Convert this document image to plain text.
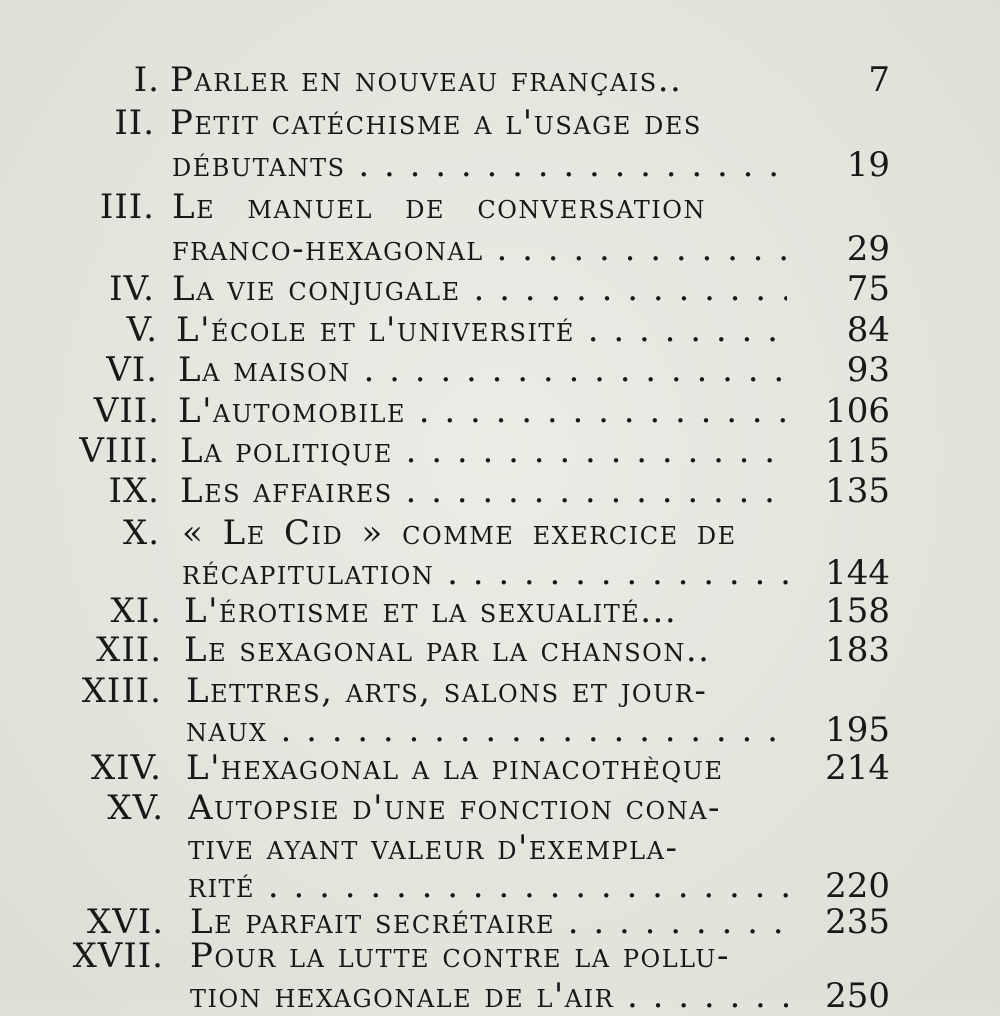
I. Parler en nouveau français..	7
II. Petit catéchisme a l'usage des
débutants . . .	19
III. Le manuel de conversation
franco-hexagonal . . .	29
IV. La vie conjugale . . .	75
V. L'école et l'université . . .	84
VI. La maison . . .	93
VII. L'automobile . . .	106
VIII. La politique . . .	115
IX. Les affaires . . .	135
X. « Le Cid » comme exercice de
récapitulation . . .	144
XI. L'érotisme et la sexualité...	158
XII. Le sexagonal par la chanson..	183
XIII. Lettres, arts, salons et jour-
naux . . .	195
XIV. L'hexagonal a la pinacothèque	214
XV. Autopsie d'une fonction cona-
tive ayant valeur d'exempla-
rité . . .	220
XVI. Le parfait secrétaire . . .	235
XVII. Pour la lutte contre la pollu-
tion hexagonale de l'air . . .	250
